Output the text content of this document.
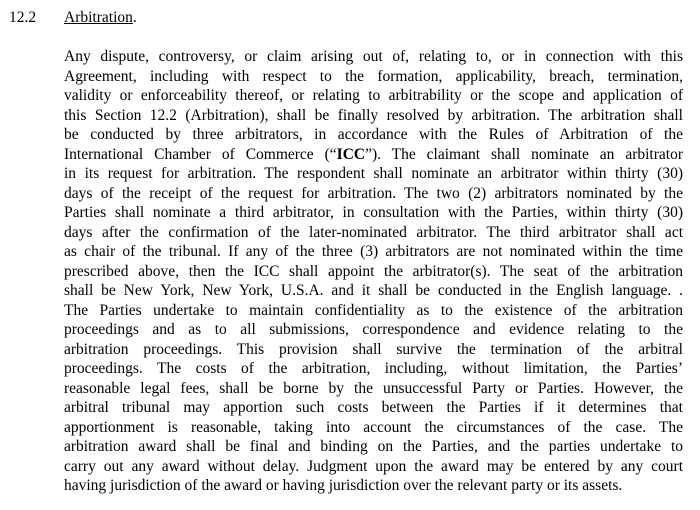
12.2 Arbitration.
Any dispute, controversy, or claim arising out of, relating to, or in connection with this
Agreement, including with respect to the formation, applicability, breach, termination,
validity or enforceability thereof, or relating to arbitrability or the scope and application of
this Section 12.2 (Arbitration), shall be finally resolved by arbitration. The arbitration shall
be conducted by three arbitrators, in accordance with the Rules of Arbitration of the
International Chamber of Commerce (“ICC”). The claimant shall nominate an arbitrator
in its request for arbitration. The respondent shall nominate an arbitrator within thirty (30)
days of the receipt of the request for arbitration. The two (2) arbitrators nominated by the
Parties shall nominate a third arbitrator, in consultation with the Parties, within thirty (30)
days after the confirmation of the later-nominated arbitrator. The third arbitrator shall act
as chair of the tribunal. If any of the three (3) arbitrators are not nominated within the time
prescribed above, then the ICC shall appoint the arbitrator(s). The seat of the arbitration
shall be New York, New York, U.S.A. and it shall be conducted in the English language. .
The Parties undertake to maintain confidentiality as to the existence of the arbitration
proceedings and as to all submissions, correspondence and evidence relating to the
arbitration proceedings. This provision shall survive the termination of the arbitral
proceedings. The costs of the arbitration, including, without limitation, the Parties’
reasonable legal fees, shall be borne by the unsuccessful Party or Parties. However, the
arbitral tribunal may apportion such costs between the Parties if it determines that
apportionment is reasonable, taking into account the circumstances of the case. The
arbitration award shall be final and binding on the Parties, and the parties undertake to
carry out any award without delay. Judgment upon the award may be entered by any court
having jurisdiction of the award or having jurisdiction over the relevant party or its assets.
